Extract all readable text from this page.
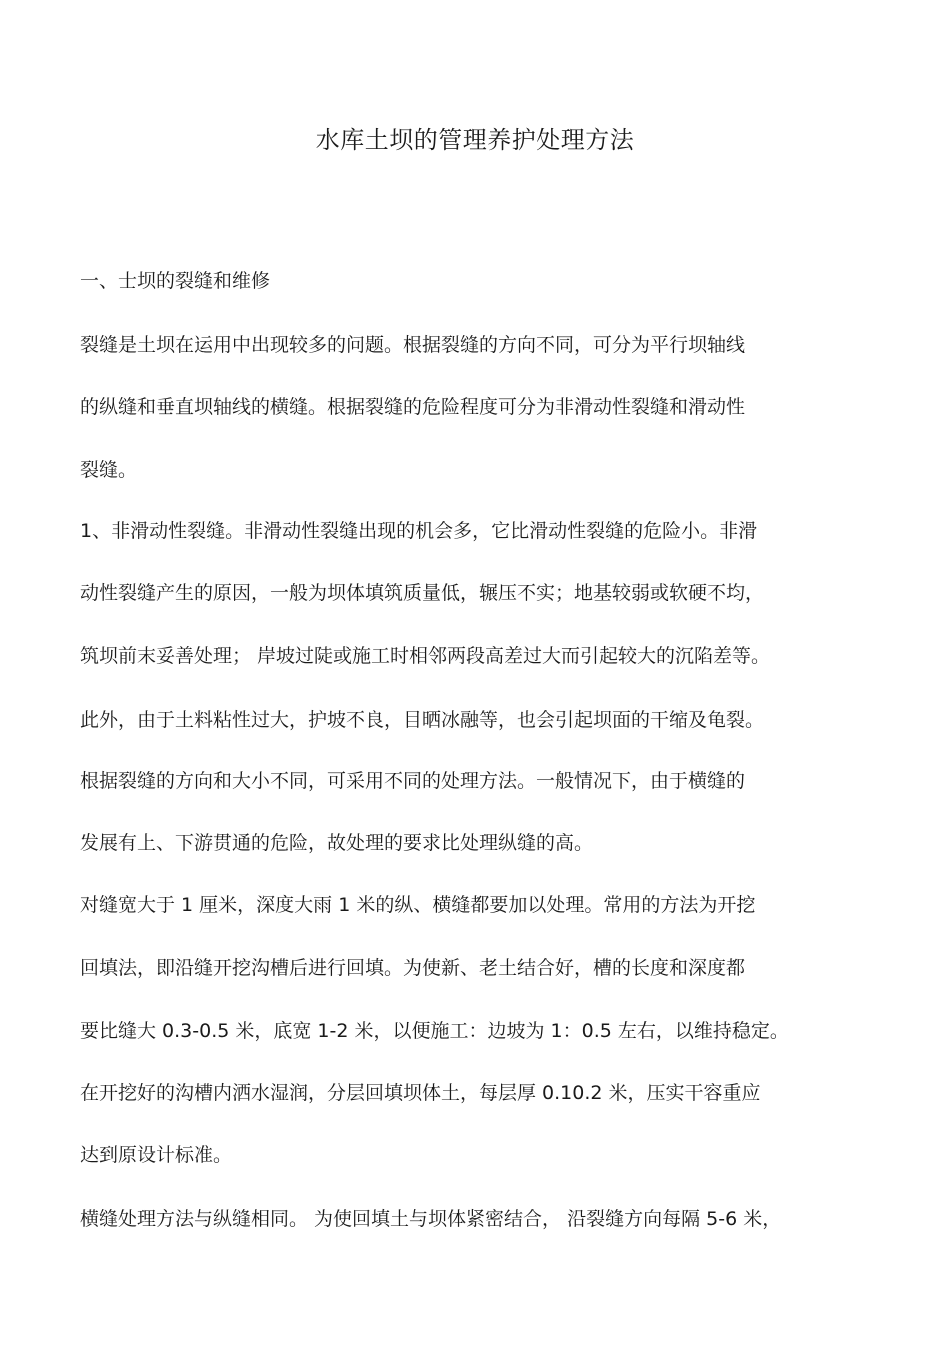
水库土坝的管理养护处理方法
一、士坝的裂缝和维修
裂缝是土坝在运用中出现较多的问题。根据裂缝的方向不同，可分为平行坝轴线
的纵缝和垂直坝轴线的横缝。根据裂缝的危险程度可分为非滑动性裂缝和滑动性
裂缝。
1、非滑动性裂缝。非滑动性裂缝出现的机会多，它比滑动性裂缝的危险小。非滑
动性裂缝产生的原因，一般为坝体填筑质量低，辗压不实；地基较弱或软硬不均，
筑坝前末妥善处理； 岸坡过陡或施工时相邻两段高差过大而引起较大的沉陷差等。
此外，由于土料粘性过大，护坡不良，目晒冰融等，也会引起坝面的干缩及龟裂。
根据裂缝的方向和大小不同，可采用不同的处理方法。一般情况下，由于横缝的
发展有上、下游贯通的危险，故处理的要求比处理纵缝的高。
对缝宽大于 1 厘米，深度大雨 1 米的纵、横缝都要加以处理。常用的方法为开挖
回填法，即沿缝开挖沟槽后进行回填。为使新、老土结合好，槽的长度和深度都
要比缝大 0.3-0.5 米，底宽 1-2 米，以便施工：边坡为 1：0.5 左右，以维持稳定。
在开挖好的沟槽内洒水湿润，分层回填坝体土，每层厚 0.10.2 米，压实干容重应
达到原设计标准。
横缝处理方法与纵缝相同。 为使回填土与坝体紧密结合， 沿裂缝方向每隔 5-6 米，
